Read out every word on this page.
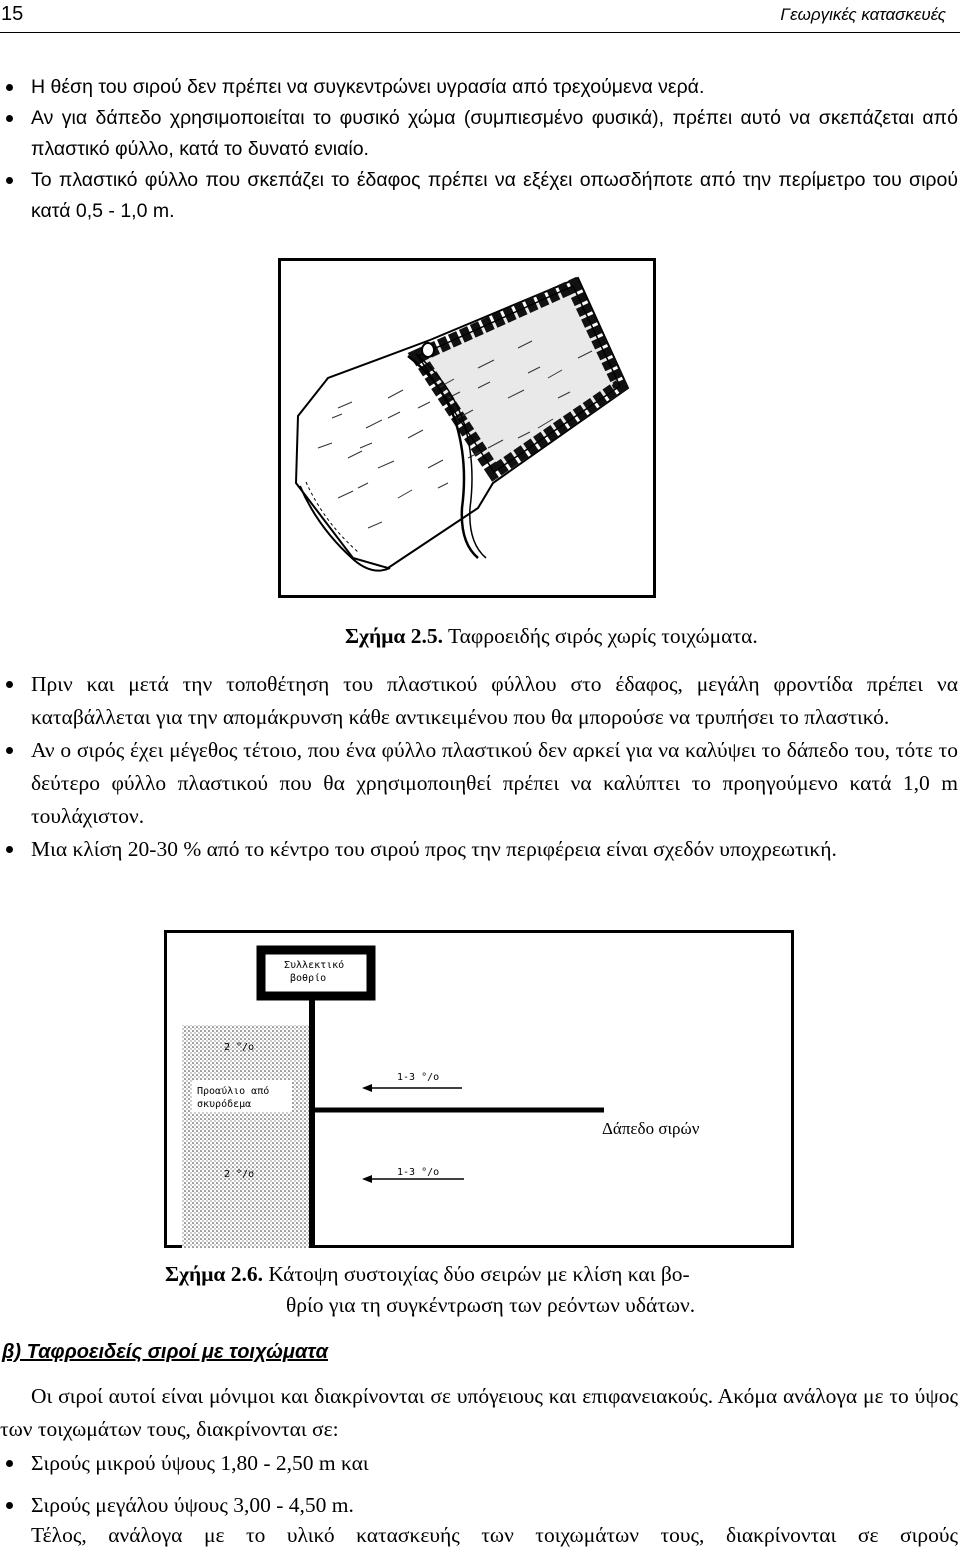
15	Γεωργικές κατασκευές
Η θέση του σιρού δεν πρέπει να συγκεντρώνει υγρασία από τρεχούμενα νερά.
Αν για δάπεδο χρησιμοποιείται το φυσικό χώμα (συμπιεσμένο φυσικά), πρέπει αυτό να σκεπάζεται από πλαστικό φύλλο, κατά το δυνατό ενιαίο.
Το πλαστικό φύλλο που σκεπάζει το έδαφος πρέπει να εξέχει οπωσδήποτε από την περίμετρο του σιρού κατά 0,5 - 1,0 m.
Σχήμα 2.5. Ταφροειδής σιρός χωρίς τοιχώματα.
Πριν και μετά την τοποθέτηση του πλαστικού φύλλου στο έδαφος, μεγάλη φροντίδα πρέπει να καταβάλλεται για την απομάκρυνση κάθε αντικειμένου που θα μπορούσε να τρυπήσει το πλαστικό.
Αν ο σιρός έχει μέγεθος τέτοιο, που ένα φύλλο πλαστικού δεν αρκεί για να καλύψει το δάπεδο του, τότε το δεύτερο φύλλο πλαστικού που θα χρησιμοποιηθεί πρέπει να καλύπτει το προηγούμενο κατά 1,0 m τουλάχιστον.
Μια κλίση 20-30 % από το κέντρο του σιρού προς την περιφέρεια είναι σχεδόν υποχρεωτική.
Προαύλιο από
σκυρόδεμα
Συλλεκτικό
βοθρίο
1-3 °/o
1-3 °/o
2 °/o
2 °/o
Δάπεδο σιρών
Σχήμα 2.6. Κάτοψη συστοιχίας δύο σειρών με κλίση και βο-
θρίο για τη συγκέντρωση των ρεόντων υδάτων.
β) Ταφροειδείς σιροί με τοιχώματα
Οι σιροί αυτοί είναι μόνιμοι και διακρίνονται σε υπόγειους και επιφανειακούς. Ακόμα ανάλογα με το ύψος των τοιχωμάτων τους, διακρίνονται σε:
Σιρούς μικρού ύψους 1,80 - 2,50 m και
Σιρούς μεγάλου ύψους 3,00 - 4,50 m.
Τέλος, ανάλογα με το υλικό κατασκευής των τοιχωμάτων τους, διακρίνονται σε σιρούς
